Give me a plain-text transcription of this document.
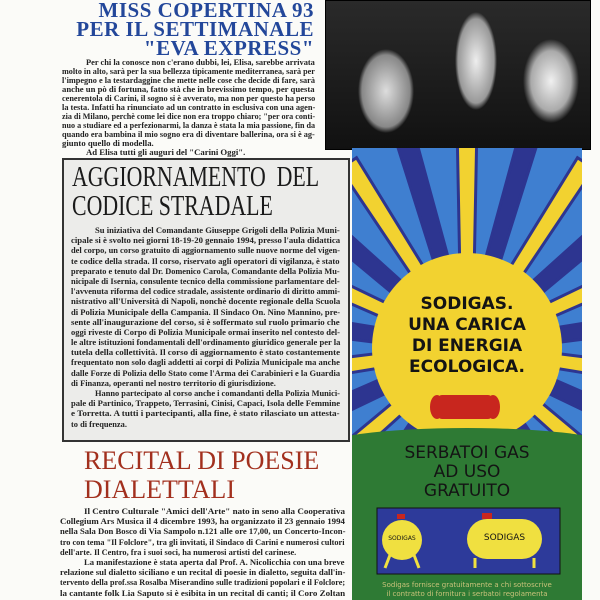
MISS COPERTINA 93
PER IL SETTIMANALE
"EVA EXPRESS"
Per chi la conosce non c'erano dubbi, lei, Elisa, sarebbe arrivata
molto in alto, sarà per la sua bellezza tipicamente mediterranea, sarà per
l'impegno e la testardaggine che mette nelle cose che decide di fare, sarà
anche un pò di fortuna, fatto stà che in brevissimo tempo, per questa
cenerentola di Carini, il sogno si è avverato, ma non per questo ha perso
la testa. Infatti ha rinunciato ad un contratto in esclusiva con una agen-
zia di Milano, perchè come lei dice non era troppo chiaro; "per ora conti-
nuo a studiare ed a perfezionarmi, la danza è stata la mia passione, fin da
quando era bambina il mio sogno era di diventare ballerina, ora si è ag-
giunto quello di modella.
Ad Elisa tutti gli auguri del "Carini Oggi".
AGGIORNAMENTO  DEL
CODICE STRADALE
Su iniziativa del Comandante Giuseppe Grigoli della Polizia Muni-
cipale si è svolto nei giorni 18-19-20 gennaio 1994, presso l'aula didattica
del corpo, un corso gratuito di aggiornamento sulle nuove norme del vigen-
te codice della strada. Il corso, riservato agli operatori di vigilanza, è stato
preparato e tenuto dal Dr. Domenico Carola, Comandante della Polizia Mu-
nicipale di Isernia, consulente tecnico della commissione parlamentare del-
l'avvenuta riforma del codice stradale, assistente ordinario di diritto ammi-
nistrativo all'Università di Napoli, nonchè docente regionale della Scuola
di Polizia Municipale della Campania. Il Sindaco On. Nino Mannino, pre-
sente all'inaugurazione del corso, si è soffermato sul ruolo primario che
oggi riveste di Corpo di Polizia Municipale ormai inserito nel contesto del-
le altre istituzioni fondamentali dell'ordinamento giuridico generale per la
tutela della collettività. Il corso di aggiornamento è stato costantemente
frequentato non solo dagli addetti ai corpi di Polizia Municipale ma anche
dalle Forze di Polizia dello Stato come l'Arma dei Carabinieri e la Guardia
di Finanza, operanti nel nostro territorio di giurisdizione.
Hanno partecipato al corso anche i comandanti della Polizia Munici-
pale di Partinico, Trappeto, Terrasini, Cinisi, Capaci, Isola delle Femmine
e Torretta. A tutti i partecipanti, alla fine, è stato rilasciato un attesta-
to di frequenza.
RECITAL DI POESIE
DIALETTALI
Il Centro Culturale "Amici dell'Arte" nato in seno alla Cooperativa
Collegium Ars Musica il 4 dicembre 1993, ha organizzato il 23 gennaio 1994
nella Sala Don Bosco di Via Sampolo n.121 alle ore 17,00, un Concerto-Incon-
tro con tema "Il Folclore", tra gli invitati, il Sindaco di Carini e numerosi cultori
dell'arte. Il Centro, fra i suoi soci, ha numerosi artisti del carinese.
La manifestazione è stata aperta dal Prof. A. Nicolicchia con una breve
relazione sul dialetto siciliano e un recital di poesie in dialetto, seguita dall'in-
tervento della prof.ssa Rosalba Miserandino sulle tradizioni popolari e il Folclore;
la cantante folk Lia Saputo si è esibita in un recital di canti; il Coro Zoltan
SODIGAS.
UNA CARICA
DI ENERGIA
ECOLOGICA.
SERBATOI GAS
AD USO
GRATUITO
SODIGAS	SODIGAS
Sodigas fornisce gratuitamente a chi sottoscrive
il contratto di fornitura i serbatoi regolamenta
